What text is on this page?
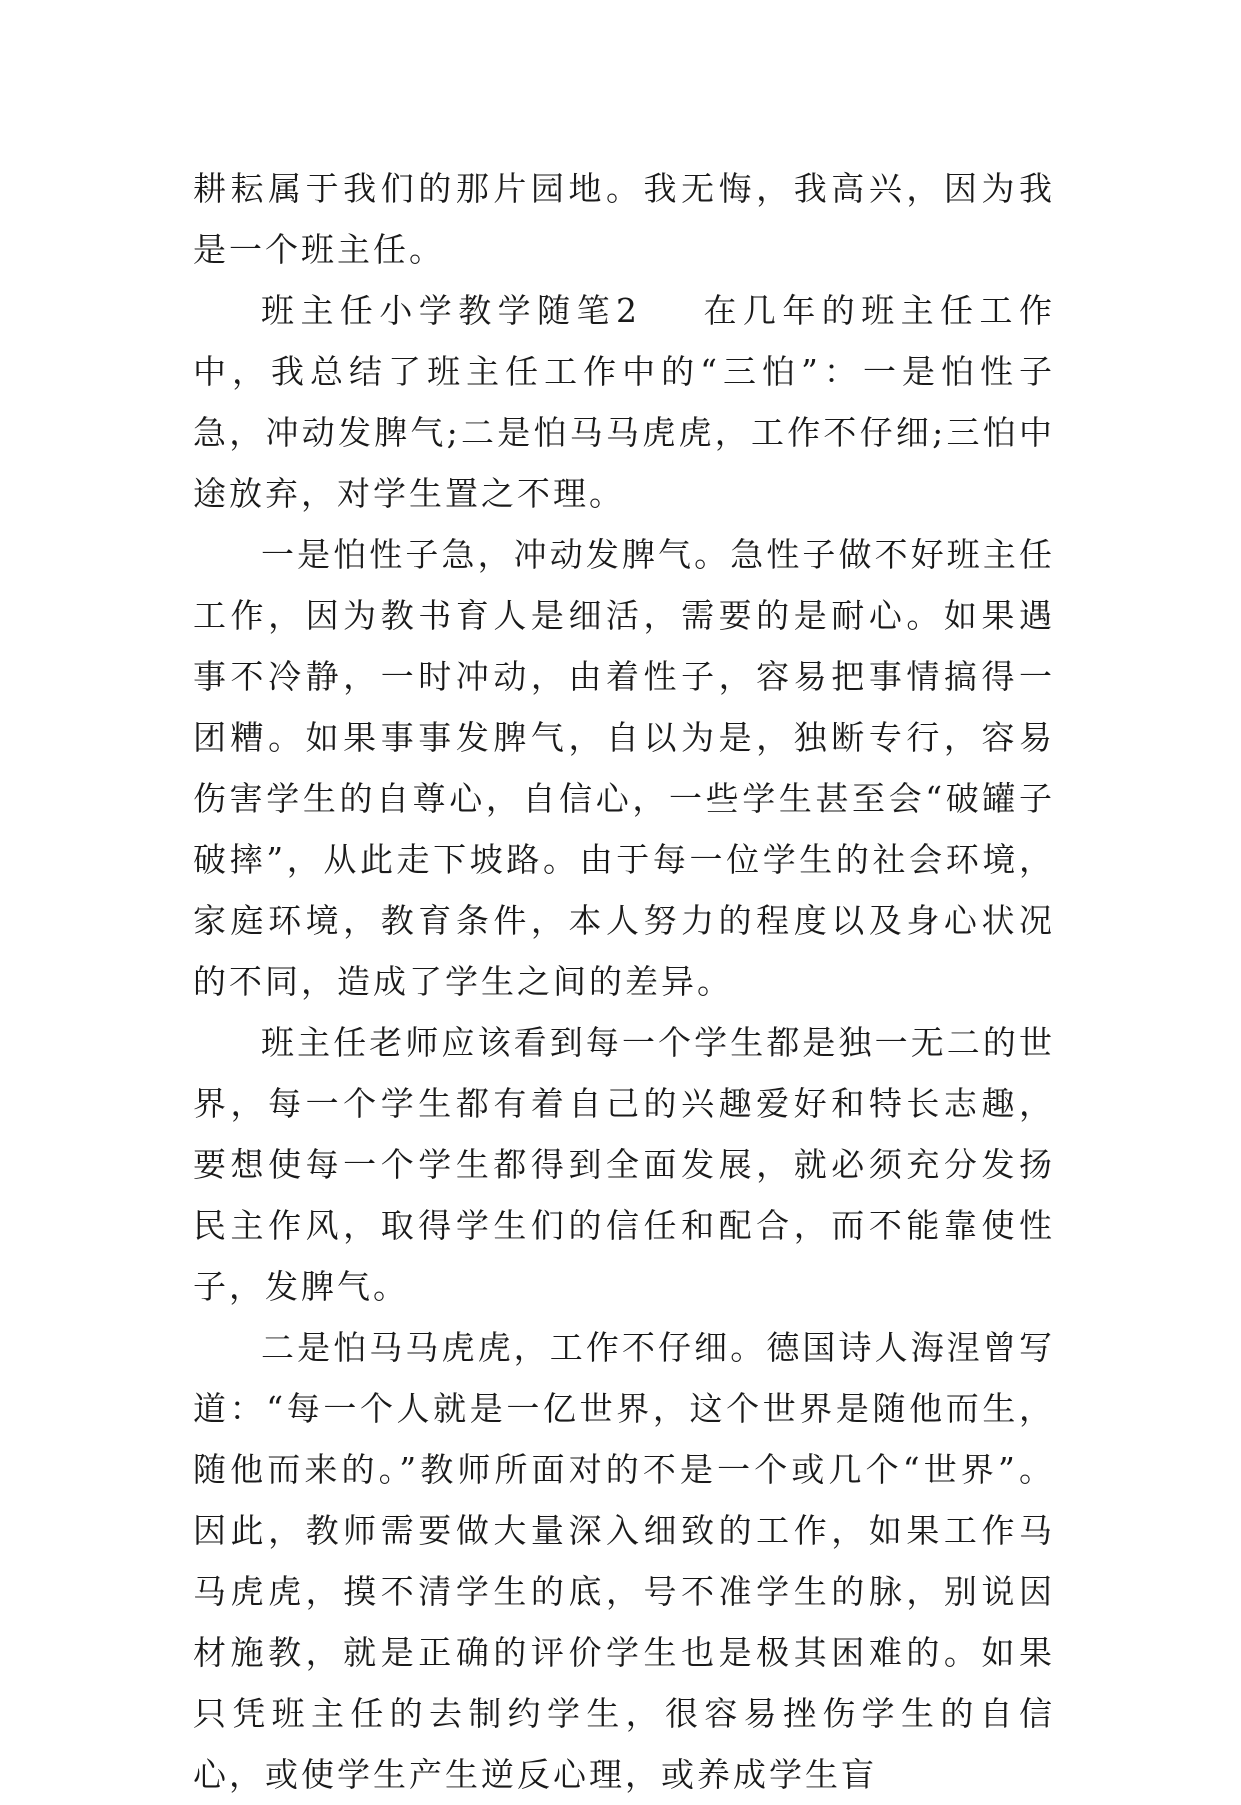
耕耘属于我们的那片园地。我无悔，我高兴，因为我是一个班主任。

班主任小学教学随笔2 在几年的班主任工作中，我总结了班主任工作中的“三怕”：一是怕性子急，冲动发脾气;二是怕马马虎虎，工作不仔细;三怕中途放弃，对学生置之不理。

一是怕性子急，冲动发脾气。急性子做不好班主任工作，因为教书育人是细活，需要的是耐心。如果遇事不冷静，一时冲动，由着性子，容易把事情搞得一团糟。如果事事发脾气，自以为是，独断专行，容易伤害学生的自尊心，自信心，一些学生甚至会“破罐子破摔”，从此走下坡路。由于每一位学生的社会环境，家庭环境，教育条件，本人努力的程度以及身心状况的不同，造成了学生之间的差异。

班主任老师应该看到每一个学生都是独一无二的世界，每一个学生都有着自己的兴趣爱好和特长志趣，要想使每一个学生都得到全面发展，就必须充分发扬民主作风，取得学生们的信任和配合，而不能靠使性子，发脾气。

二是怕马马虎虎，工作不仔细。德国诗人海涅曾写道：“每一个人就是一亿世界，这个世界是随他而生，随他而来的。”教师所面对的不是一个或几个“世界”。因此，教师需要做大量深入细致的工作，如果工作马马虎虎，摸不清学生的底，号不准学生的脉，别说因材施教，就是正确的评价学生也是极其困难的。如果只凭班主任的去制约学生，很容易挫伤学生的自信心，或使学生产生逆反心理，或养成学生盲
